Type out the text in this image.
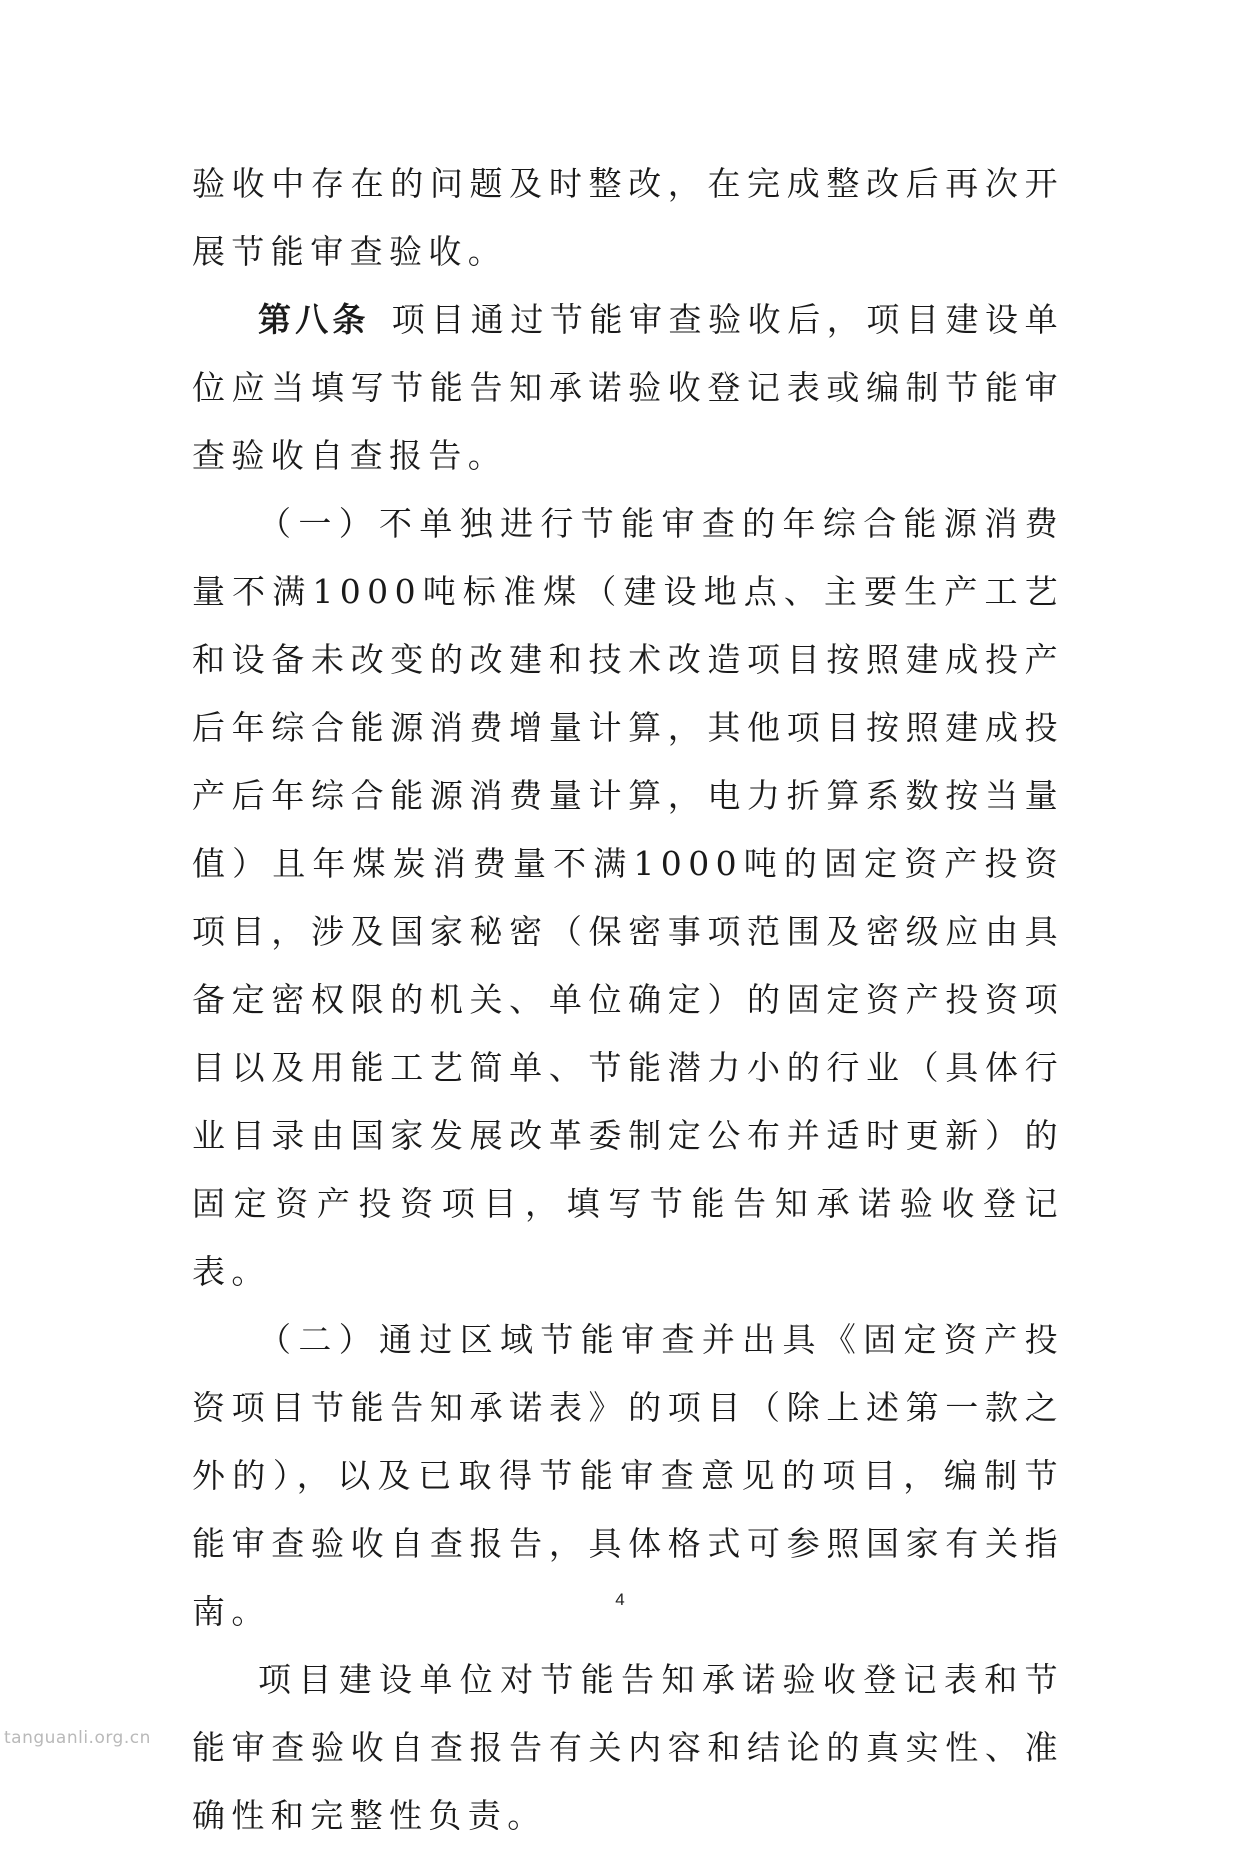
验收中存在的问题及时整改，在完成整改后再次开展节能审查验收。

第八条 项目通过节能审查验收后，项目建设单位应当填写节能告知承诺验收登记表或编制节能审查验收自查报告。

（一）不单独进行节能审查的年综合能源消费量不满1000吨标准煤（建设地点、主要生产工艺和设备未改变的改建和技术改造项目按照建成投产后年综合能源消费增量计算，其他项目按照建成投产后年综合能源消费量计算，电力折算系数按当量值）且年煤炭消费量不满1000吨的固定资产投资项目，涉及国家秘密（保密事项范围及密级应由具备定密权限的机关、单位确定）的固定资产投资项目以及用能工艺简单、节能潜力小的行业（具体行业目录由国家发展改革委制定公布并适时更新）的固定资产投资项目，填写节能告知承诺验收登记表。

（二）通过区域节能审查并出具《固定资产投资项目节能告知承诺表》的项目（除上述第一款之外的），以及已取得节能审查意见的项目，编制节能审查验收自查报告，具体格式可参照国家有关指南。

项目建设单位对节能告知承诺验收登记表和节能审查验收自查报告有关内容和结论的真实性、准确性和完整性负责。

4
tanguanli.org.cn
